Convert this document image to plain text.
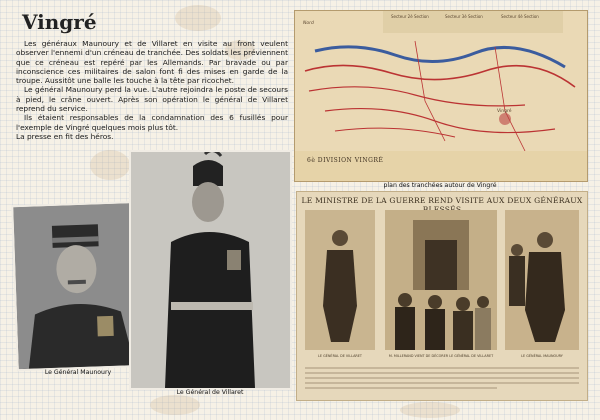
Vingré

Les généraux Maunoury et de Villaret en visite au front veulent observer l'ennemi d'un créneau de tranchée. Des soldats les préviennent que ce créneau est repéré par les Allemands. Par bravade ou par inconscience ces militaires de salon font fi des mises en garde de la troupe. Aussitôt une balle les touche à la tête par ricochet.

Le général Maunoury perd la vue. L'autre rejoindra le poste de secours à pied, le crâne ouvert. Après son opération le général de Villaret reprend du service.

Ils étaient responsables de la condamnation des 6 fusillés pour l'exemple de Vingré quelques mois plus tôt.

La presse en fit des héros.

Le Général Maunoury
Le Général de Villaret
Secteur 2è Section	Secteur 3è Section	Secteur 4è Section
Nord
Vingré
6è DIVISION VINGRÉ
plan des tranchées autour de Vingré
LE MINISTRE DE LA GUERRE REND VISITE AUX DEUX GÉNÉRAUX
LE GÉNÉRAL DE VILLARET	M. MILLERAND VIENT DE DÉCORER LE GÉNÉRAL DE VILLARET	LE GÉNÉRAL MAUNOURY
